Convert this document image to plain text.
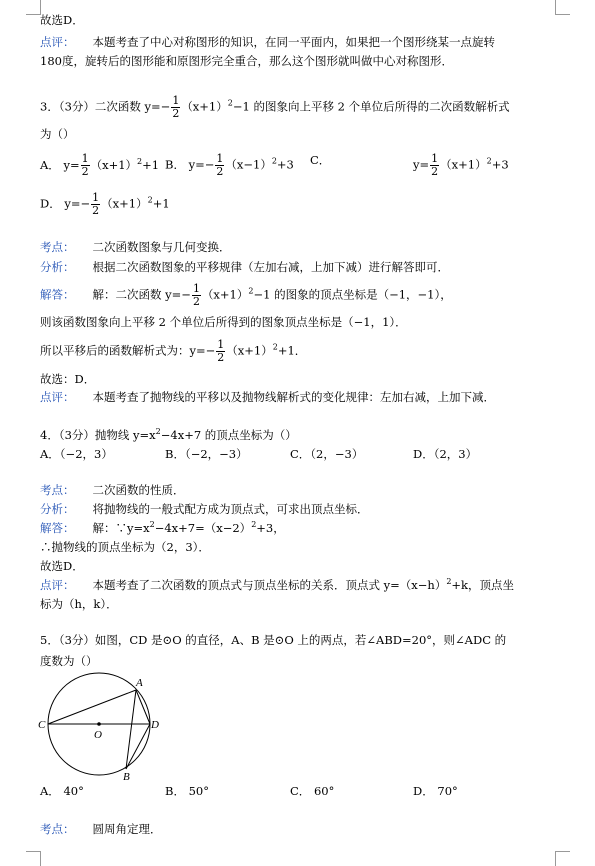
故选D．
点评： 本题考查了中心对称图形的知识，在同一平面内，如果把一个图形绕某一点旋转
180度，旋转后的图形能和原图形完全重合，那么这个图形就叫做中心对称图形．
3．（3分）二次函数 $y=- \frac{1}{2} (x+1)^2-1$ 的图象向上平移 2 个单位后所得的二次函数解析式
为（）
A． $y= \frac{1}{2} (x+1)^2+1$ B． $y=- \frac{1}{2} (x-1)^2+3$ C．	$y= \frac{1}{2} (x+1)^2+3$
D． $y=- \frac{1}{2} (x+1)^2+1$
考点： 二次函数图象与几何变换．
分析： 根据二次函数图象的平移规律（左加右减，上加下减）进行解答即可．
解答： 解：二次函数 $y=- \frac{1}{2} (x+1)^2-1$ 的图象的顶点坐标是（−1，−1），
则该函数图象向上平移 2 个单位后所得到的图象顶点坐标是（−1，1）．
所以平移后的函数解析式为：$y=- \frac{1}{2} (x+1)^2+1$．
故选：D．
点评： 本题考查了抛物线的平移以及抛物线解析式的变化规律：左加右减，上加下减．
4．（3分）抛物线 $y=x^2-4x+7$ 的顶点坐标为（）
A．（−2，3）	B．（−2，−3）	C．（2，−3）	D．（2，3）
考点： 二次函数的性质．
分析： 将抛物线的一般式配方成为顶点式，可求出顶点坐标．
解答： 解：$\because y=x^2-4x+7=(x-2)^2+3$，
∴抛物线的顶点坐标为（2，3）．
故选D．
点评： 本题考查了二次函数的顶点式与顶点坐标的关系．顶点式 $y=(x-h)^2+k$，顶点坐
标为（h，k）．
5．（3分）如图，CD 是⊙O 的直径，A、B 是⊙O 上的两点，若∠ABD=20°，则∠ADC 的
度数为（）
A
C	D
O
B
A． 40°	B． 50°	C． 60°	D． 70°
考点： 圆周角定理．
